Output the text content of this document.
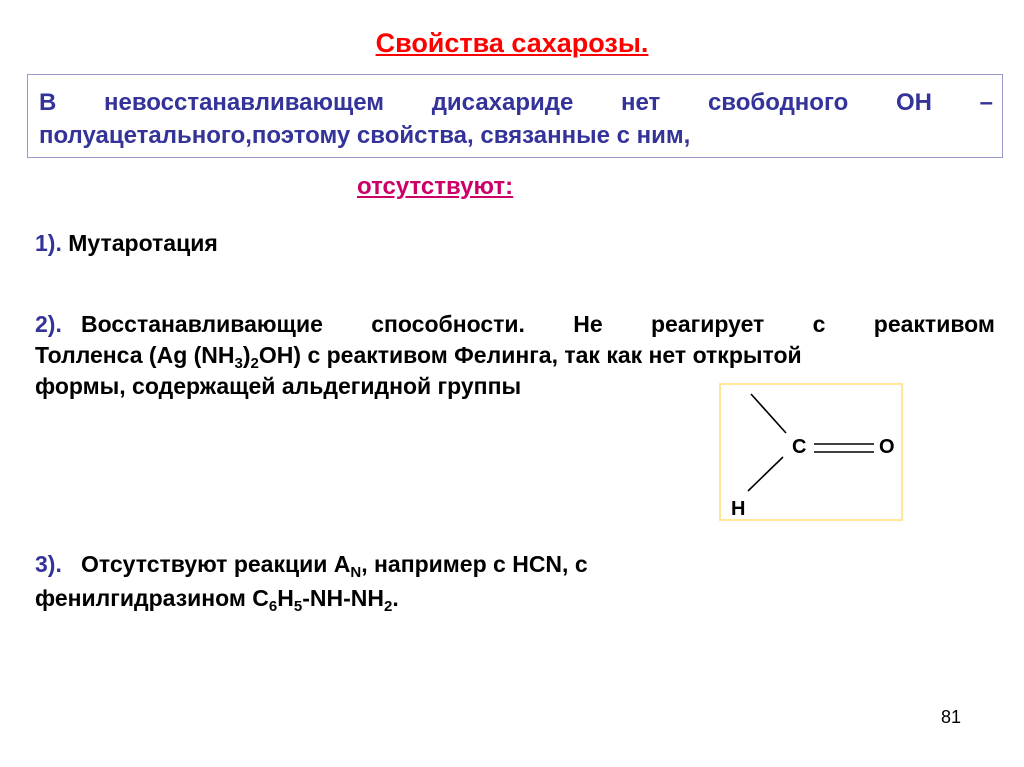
Свойства сахарозы.
В невосстанавливающем дисахариде нет свободного ОН –
полуацетального,поэтому свойства, связанные с ним,
отсутствуют:
1). Мутаротация
2). Восстанавливающие способности. Не реагирует с реактивом
Толленса (Ag $(NH_3)_2OH$) с реактивом Фелинга, так как нет открытой
формы, содержащей альдегидной группы
C	O
H
3). Отсутствуют реакции $A_N$, например с HCN, с
фенилгидразином $C_6H_5-NH-NH_2$.
81
